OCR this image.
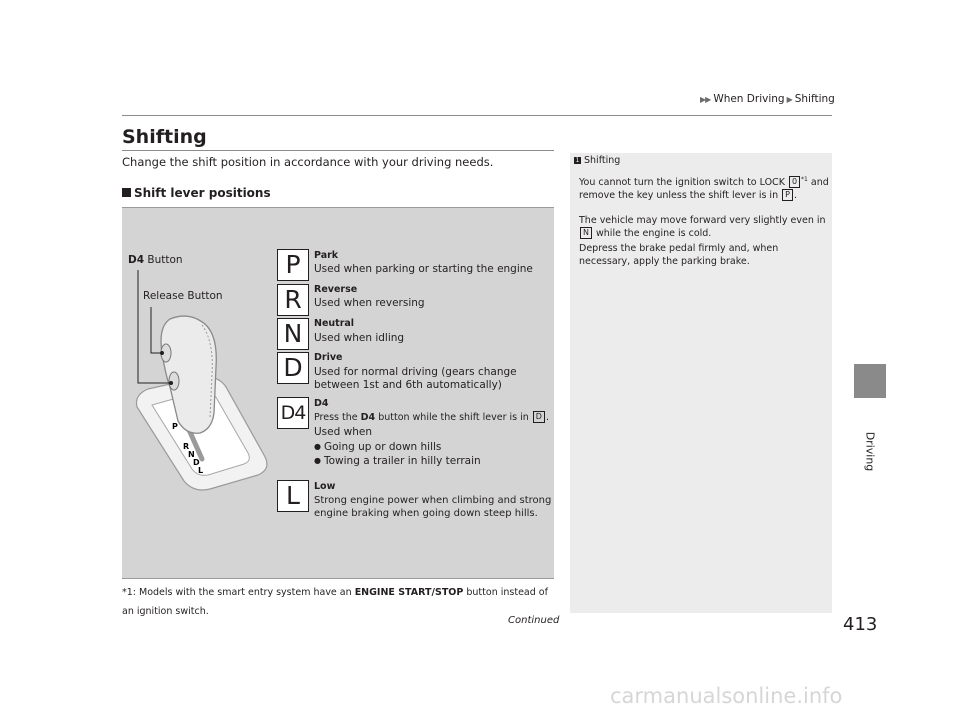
▶▶ When Driving ▶ Shifting
Driving
Shifting
Change the shift position in accordance with your driving needs.
Shift lever positions
P
R
N
D
L
D4 Button
Release Button
P	Park
Used when parking or starting the engine
R	Reverse
Used when reversing
N	Neutral
Used when idling
D	Drive
Used for normal driving (gears change between 1st and 6th automatically)
D4 D4
Press the D4 button while the shift lever is in D .
Used when
● Going up or down hills
● Towing a trailer in hilly terrain
L	Low
Strong engine power when climbing and strong engine braking when going down steep hills.
*1: Models with the smart entry system have an ENGINE START/STOP button instead of an ignition switch.
Continued
1 Shifting
You cannot turn the ignition switch to LOCK 0 $^{*1}$ and remove the key unless the shift lever is in P .
The vehicle may move forward very slightly even in N while the engine is cold.
Depress the brake pedal firmly and, when necessary, apply the parking brake.
413
carmanualsonline.info
